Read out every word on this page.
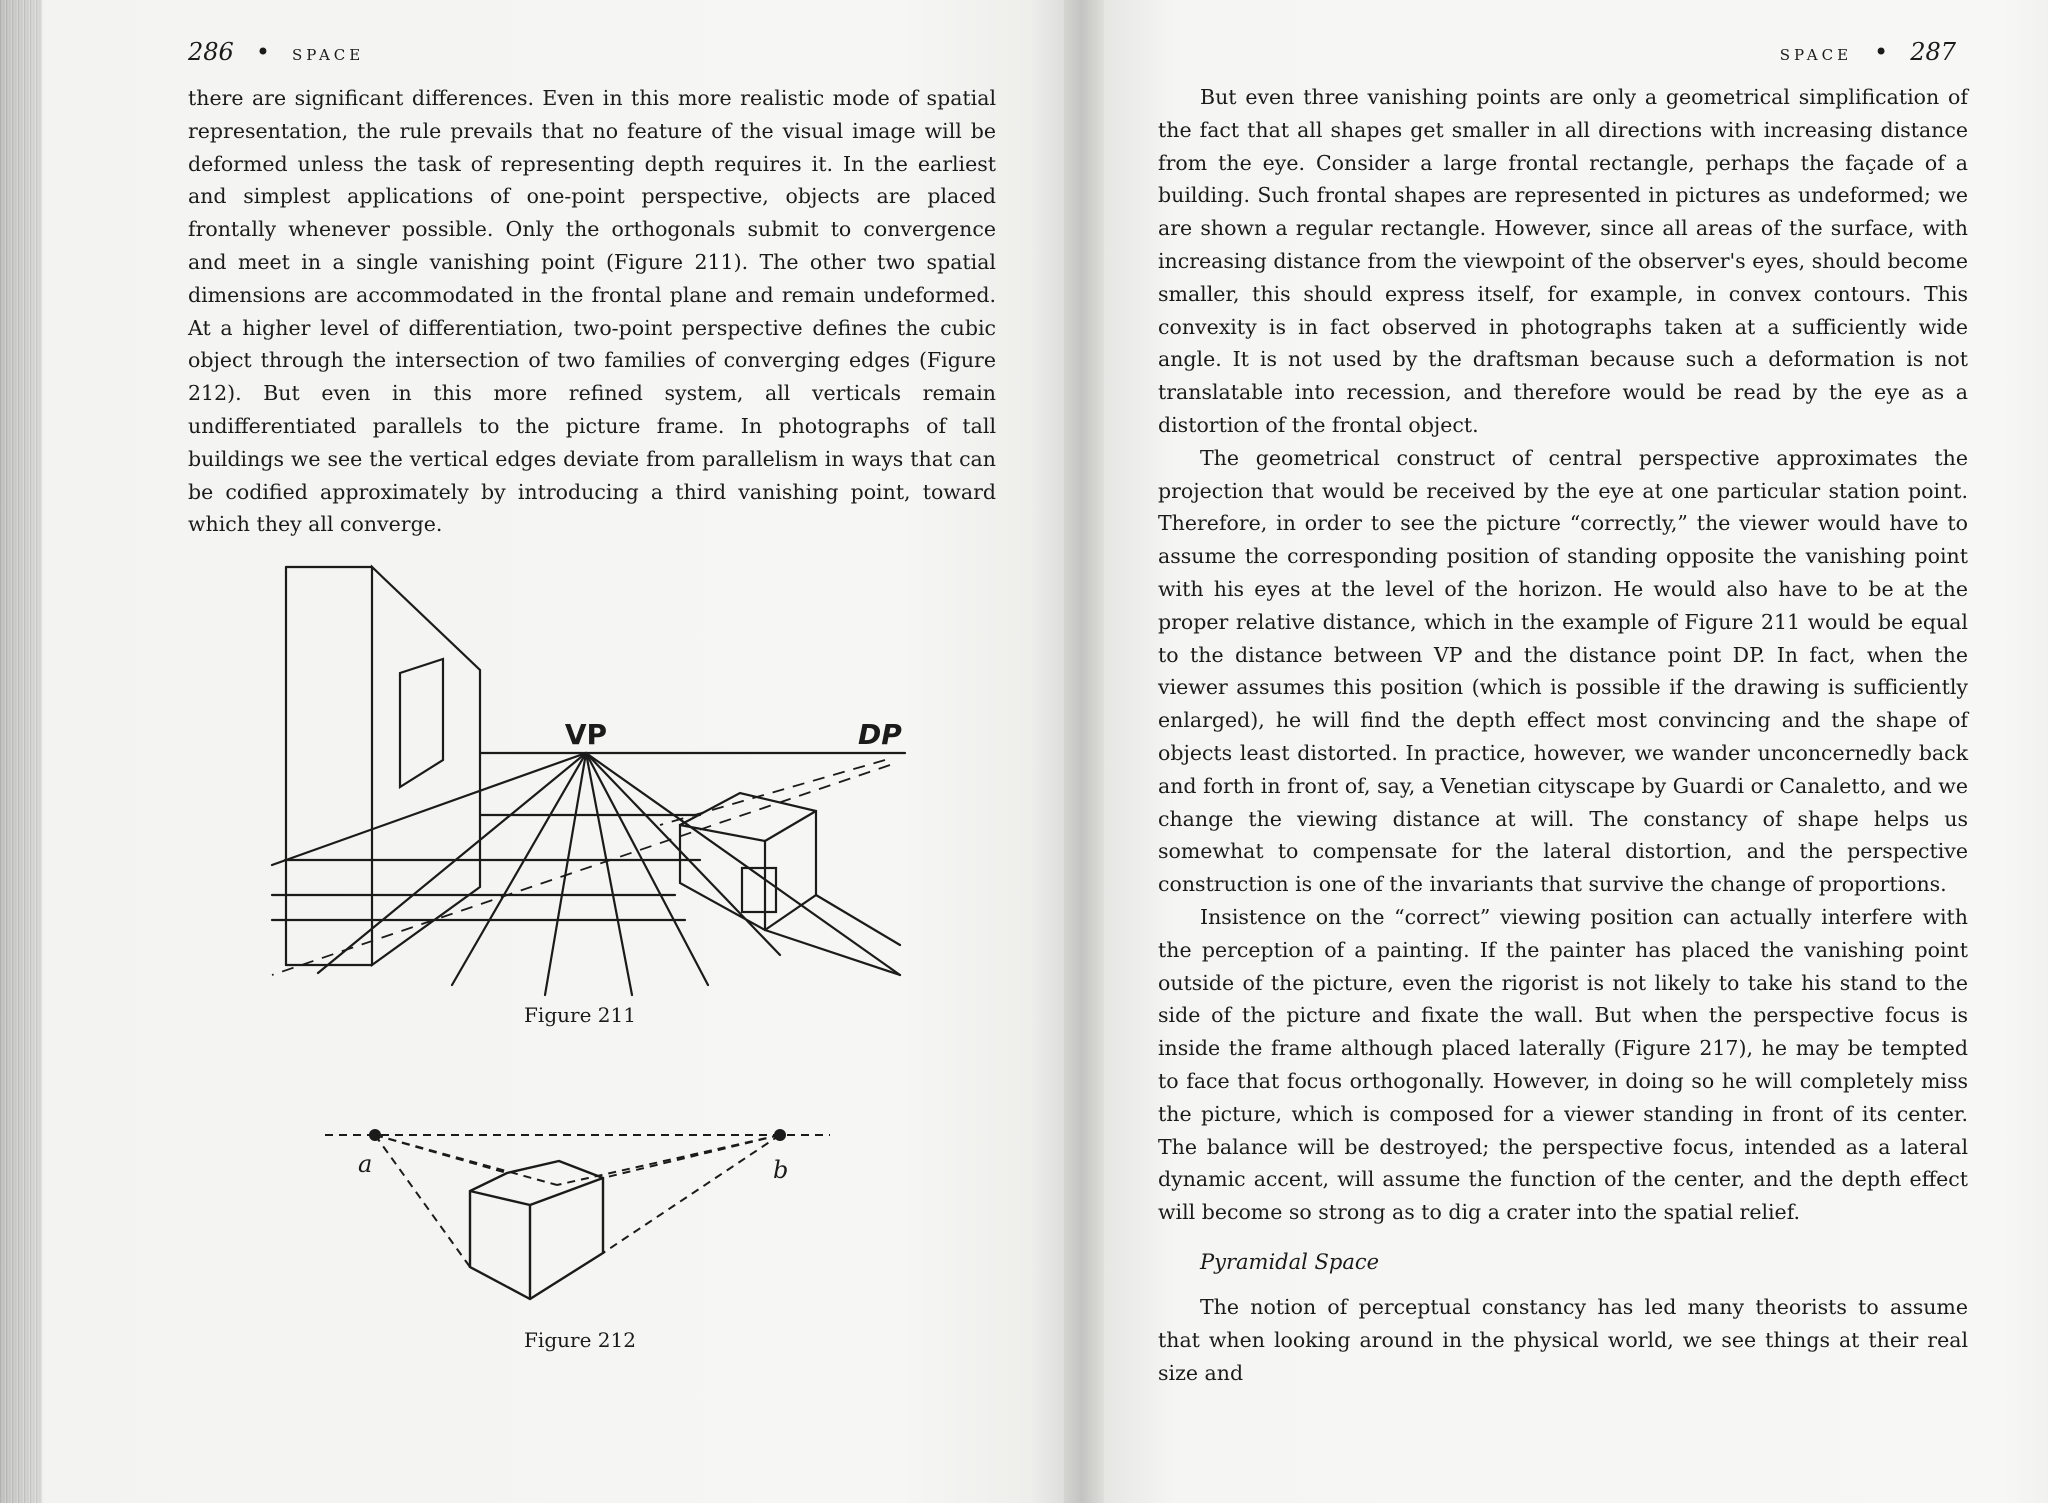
286 • SPACE

there are significant differences. Even in this more realistic mode of spatial representation, the rule prevails that no feature of the visual image will be deformed unless the task of representing depth requires it. In the earliest and simplest applications of one-point perspective, objects are placed frontally whenever possible. Only the orthogonals submit to convergence and meet in a single vanishing point (Figure 211). The other two spatial dimensions are accommodated in the frontal plane and remain undeformed. At a higher level of differentiation, two-point perspective defines the cubic object through the intersection of two families of converging edges (Figure 212). But even in this more refined system, all verticals remain undifferentiated parallels to the picture frame. In photographs of tall buildings we see the vertical edges deviate from parallelism in ways that can be codified approximately by introducing a third vanishing point, toward which they all converge.

VP	DP
Figure 211
a	b
Figure 212
SPACE • 287

But even three vanishing points are only a geometrical simplification of the fact that all shapes get smaller in all directions with increasing distance from the eye. Consider a large frontal rectangle, perhaps the façade of a building. Such frontal shapes are represented in pictures as undeformed; we are shown a regular rectangle. However, since all areas of the surface, with increasing distance from the viewpoint of the observer's eyes, should become smaller, this should express itself, for example, in convex contours. This convexity is in fact observed in photographs taken at a sufficiently wide angle. It is not used by the draftsman because such a deformation is not translatable into recession, and therefore would be read by the eye as a distortion of the frontal object.

The geometrical construct of central perspective approximates the projection that would be received by the eye at one particular station point. Therefore, in order to see the picture “correctly,” the viewer would have to assume the corresponding position of standing opposite the vanishing point with his eyes at the level of the horizon. He would also have to be at the proper relative distance, which in the example of Figure 211 would be equal to the distance between VP and the distance point DP. In fact, when the viewer assumes this position (which is possible if the drawing is sufficiently enlarged), he will find the depth effect most convincing and the shape of objects least distorted. In practice, however, we wander unconcernedly back and forth in front of, say, a Venetian cityscape by Guardi or Canaletto, and we change the viewing distance at will. The constancy of shape helps us somewhat to compensate for the lateral distortion, and the perspective construction is one of the invariants that survive the change of proportions.

Insistence on the “correct” viewing position can actually interfere with the perception of a painting. If the painter has placed the vanishing point outside of the picture, even the rigorist is not likely to take his stand to the side of the picture and fixate the wall. But when the perspective focus is inside the frame although placed laterally (Figure 217), he may be tempted to face that focus orthogonally. However, in doing so he will completely miss the picture, which is composed for a viewer standing in front of its center. The balance will be destroyed; the perspective focus, intended as a lateral dynamic accent, will assume the function of the center, and the depth effect will become so strong as to dig a crater into the spatial relief.

Pyramidal Space

The notion of perceptual constancy has led many theorists to assume that when looking around in the physical world, we see things at their real size and
